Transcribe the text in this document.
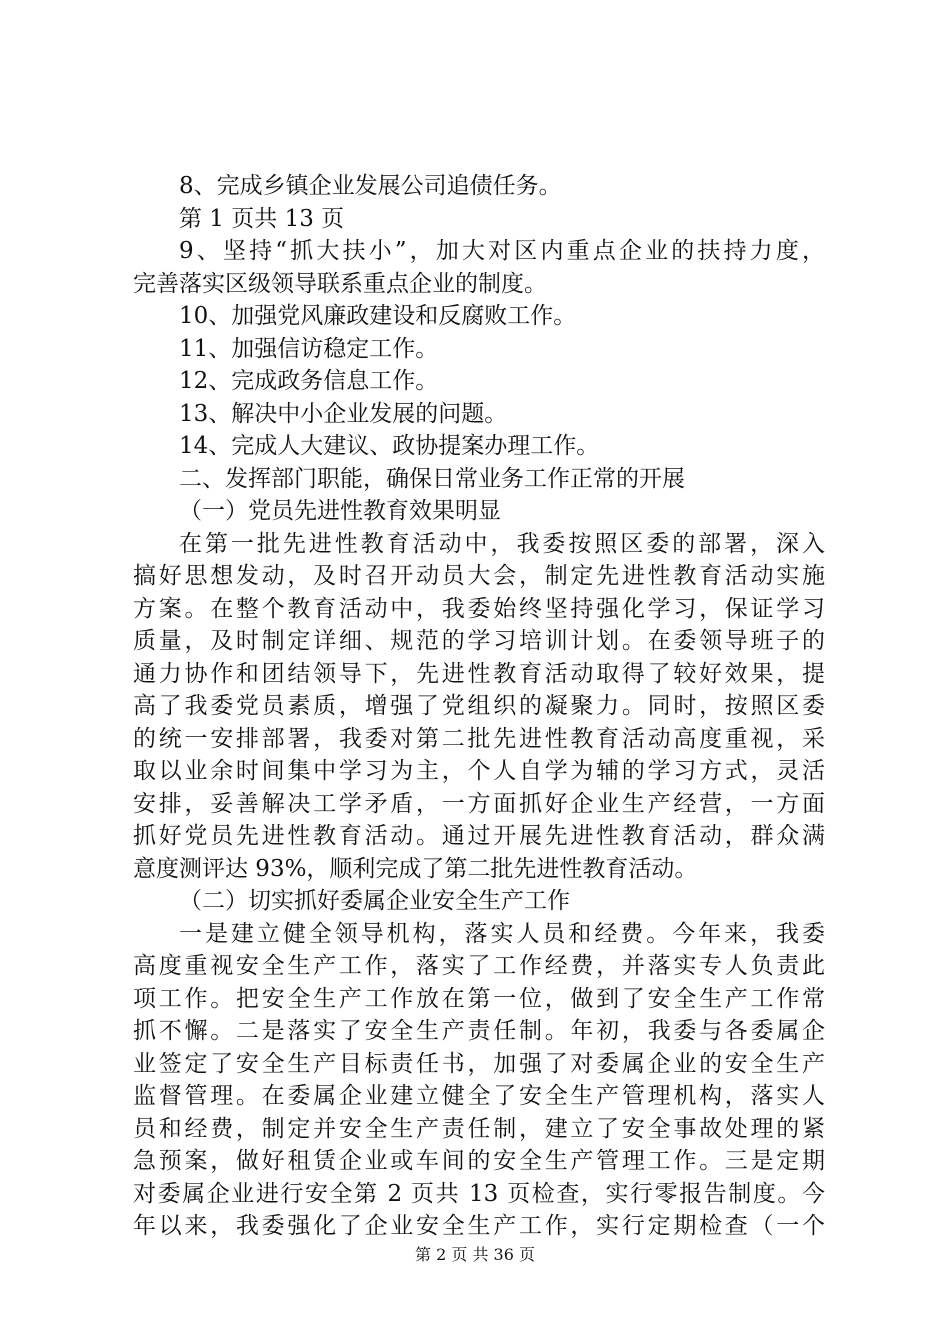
8、完成乡镇企业发展公司追债任务。
第 1 页共 13 页
9、坚持“抓大扶小”，加大对区内重点企业的扶持力度，
完善落实区级领导联系重点企业的制度。
10、加强党风廉政建设和反腐败工作。
11、加强信访稳定工作。
12、完成政务信息工作。
13、解决中小企业发展的问题。
14、完成人大建议、政协提案办理工作。
二、发挥部门职能，确保日常业务工作正常的开展
（一）党员先进性教育效果明显
在第一批先进性教育活动中，我委按照区委的部署，深入
搞好思想发动，及时召开动员大会，制定先进性教育活动实施
方案。在整个教育活动中，我委始终坚持强化学习，保证学习
质量，及时制定详细、规范的学习培训计划。在委领导班子的
通力协作和团结领导下，先进性教育活动取得了较好效果，提
高了我委党员素质，增强了党组织的凝聚力。同时，按照区委
的统一安排部署，我委对第二批先进性教育活动高度重视，采
取以业余时间集中学习为主，个人自学为辅的学习方式，灵活
安排，妥善解决工学矛盾，一方面抓好企业生产经营，一方面
抓好党员先进性教育活动。通过开展先进性教育活动，群众满
意度测评达 93%，顺利完成了第二批先进性教育活动。
（二）切实抓好委属企业安全生产工作
一是建立健全领导机构，落实人员和经费。今年来，我委
高度重视安全生产工作，落实了工作经费，并落实专人负责此
项工作。把安全生产工作放在第一位，做到了安全生产工作常
抓不懈。二是落实了安全生产责任制。年初，我委与各委属企
业签定了安全生产目标责任书，加强了对委属企业的安全生产
监督管理。在委属企业建立健全了安全生产管理机构，落实人
员和经费，制定并安全生产责任制，建立了安全事故处理的紧
急预案，做好租赁企业或车间的安全生产管理工作。三是定期
对委属企业进行安全第 2 页共 13 页检查，实行零报告制度。今
年以来，我委强化了企业安全生产工作，实行定期检查（一个
第 2 页 共 36 页
